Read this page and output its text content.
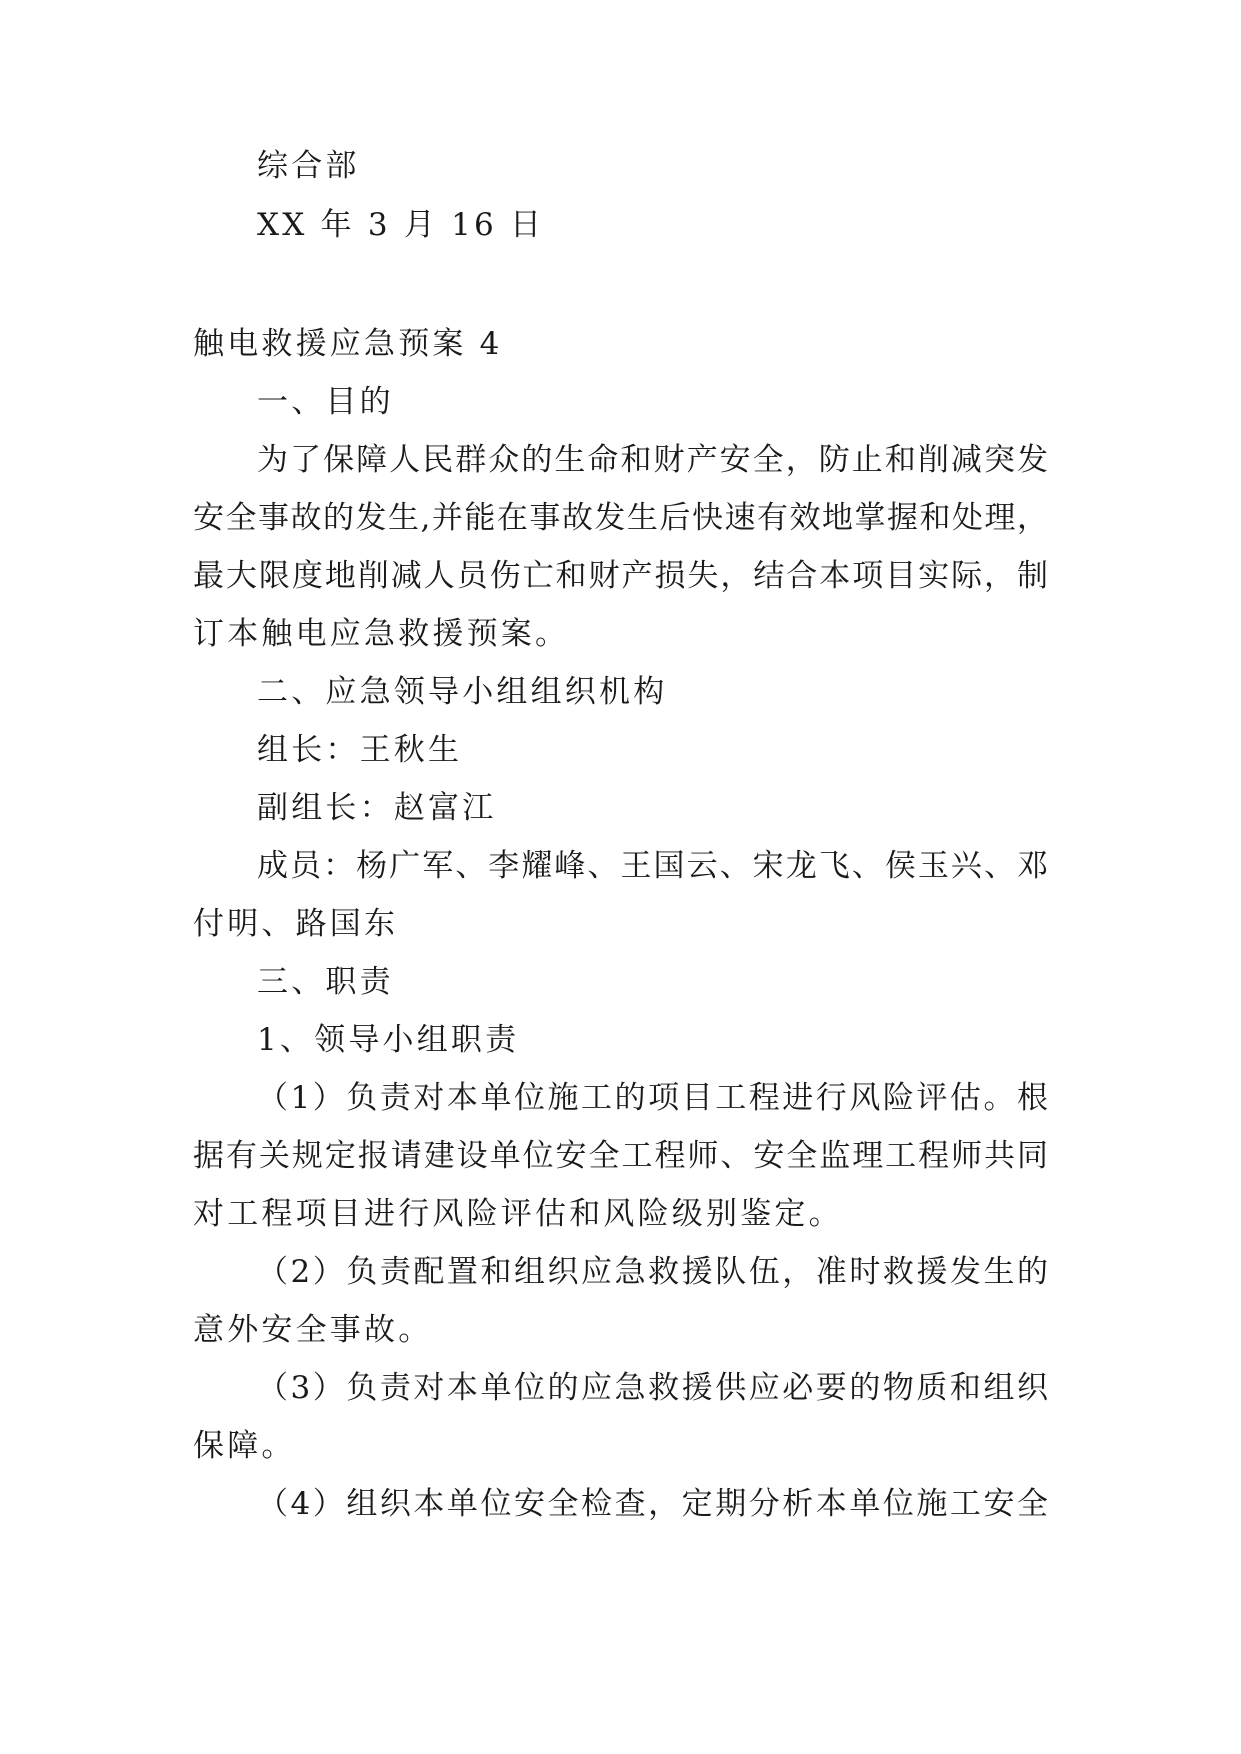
综合部
XX 年 3 月 16 日
触电救援应急预案 4
一、目的
为了保障人民群众的生命和财产安全，防止和削减突发
安全事故的发生,并能在事故发生后快速有效地掌握和处理，
最大限度地削减人员伤亡和财产损失，结合本项目实际，制
订本触电应急救援预案。
二、应急领导小组组织机构
组长：王秋生
副组长：赵富江
成员：杨广军、李耀峰、王国云、宋龙飞、侯玉兴、邓
付明、路国东
三、职责
1、领导小组职责
（1）负责对本单位施工的项目工程进行风险评估。根
据有关规定报请建设单位安全工程师、安全监理工程师共同
对工程项目进行风险评估和风险级别鉴定。
（2）负责配置和组织应急救援队伍，准时救援发生的
意外安全事故。
（3）负责对本单位的应急救援供应必要的物质和组织
保障。
（4）组织本单位安全检查，定期分析本单位施工安全
